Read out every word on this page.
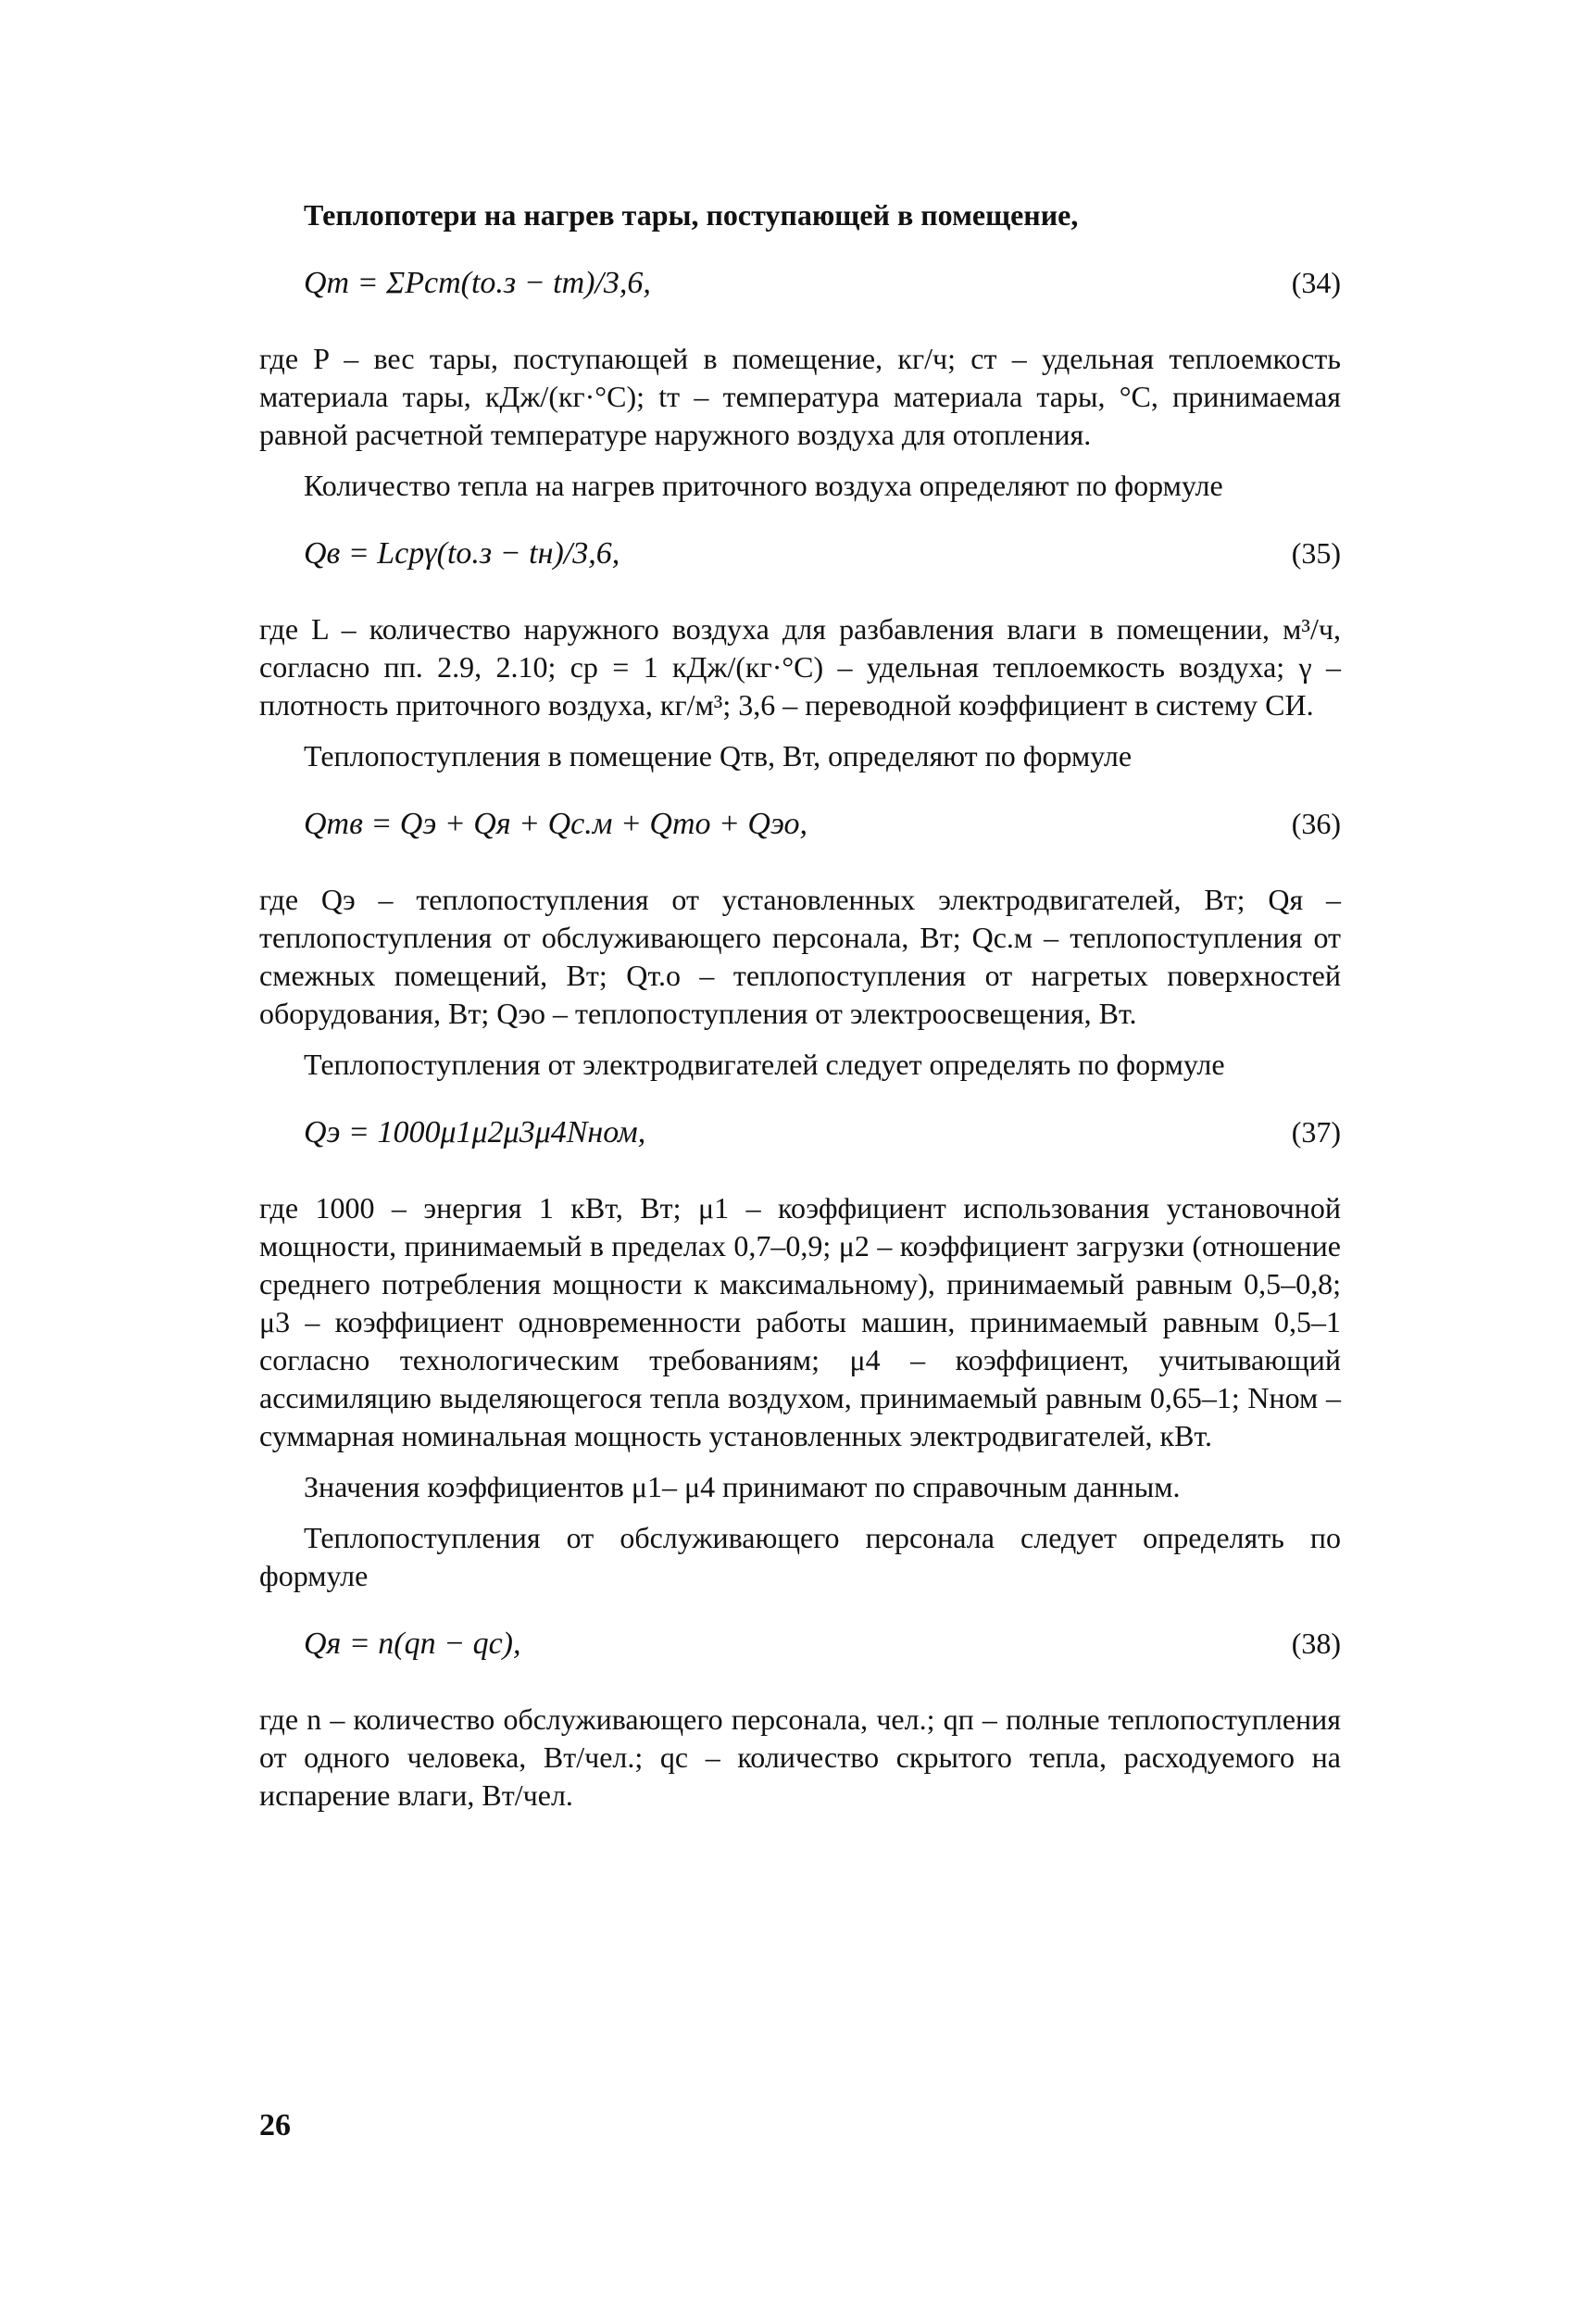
Теплопотери на нагрев тары, поступающей в помещение,

Qт = ΣPcт(tо.з − tт)/3,6,	(34)

где P – вес тары, поступающей в помещение, кг/ч; cт – удельная теплоемкость материала тары, кДж/(кг·°C); tт – температура материала тары, °C, принимаемая равной расчетной температуре наружного воздуха для отопления.

Количество тепла на нагрев приточного воздуха определяют по формуле

Qв = Lcрγ(tо.з − tн)/3,6,	(35)

где L – количество наружного воздуха для разбавления влаги в помещении, м³/ч, согласно пп. 2.9, 2.10; cр = 1 кДж/(кг·°C) – удельная теплоемкость воздуха; γ – плотность приточного воздуха, кг/м³; 3,6 – переводной коэффициент в систему СИ.

Теплопоступления в помещение Qтв, Вт, определяют по формуле

Qтв = Qэ + Qя + Qс.м + Qто + Qэо,	(36)

где Qэ – теплопоступления от установленных электродвигателей, Вт; Qя – теплопоступления от обслуживающего персонала, Вт; Qс.м – теплопоступления от смежных помещений, Вт; Qт.о – теплопоступления от нагретых поверхностей оборудования, Вт; Qэо – теплопоступления от электроосвещения, Вт.

Теплопоступления от электродвигателей следует определять по формуле

Qэ = 1000μ1μ2μ3μ4Nном,	(37)

где 1000 – энергия 1 кВт, Вт; μ1 – коэффициент использования установочной мощности, принимаемый в пределах 0,7–0,9; μ2 – коэффициент загрузки (отношение среднего потребления мощности к максимальному), принимаемый равным 0,5–0,8; μ3 – коэффициент одновременности работы машин, принимаемый равным 0,5–1 согласно технологическим требованиям; μ4 – коэффициент, учитывающий ассимиляцию выделяющегося тепла воздухом, принимаемый равным 0,65–1; Nном – суммарная номинальная мощность установленных электродвигателей, кВт.

Значения коэффициентов μ1– μ4 принимают по справочным данным.

Теплопоступления от обслуживающего персонала следует определять по формуле

Qя = n(qп − qс),	(38)

где n – количество обслуживающего персонала, чел.; qп – полные теплопоступления от одного человека, Вт/чел.; qс – количество скрытого тепла, расходуемого на испарение влаги, Вт/чел.

26
